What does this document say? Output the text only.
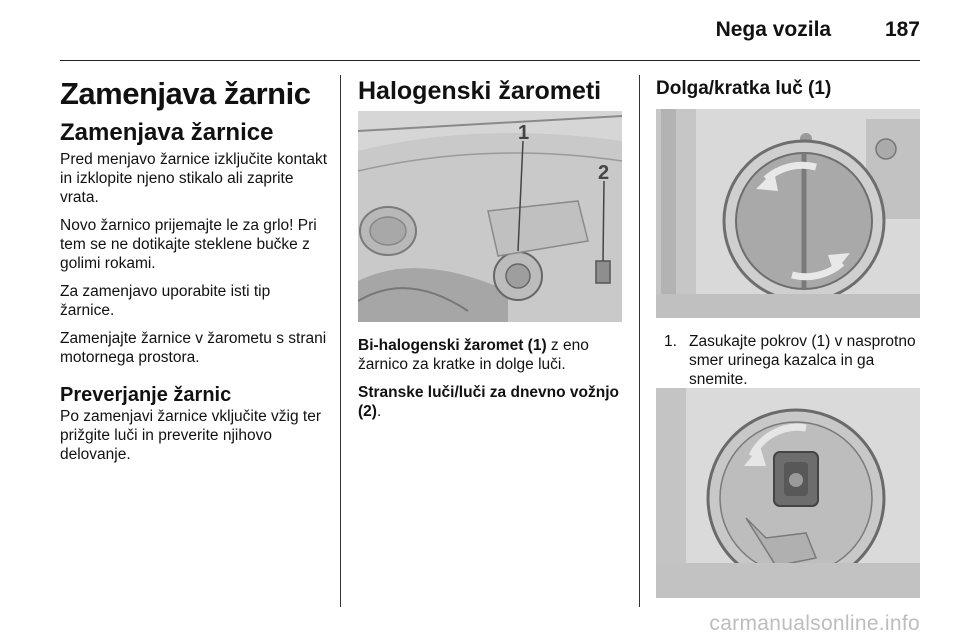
Nega vozila	187
Zamenjava žarnic
Zamenjava žarnice

Pred menjavo žarnice izključite kontakt in izklopite njeno stikalo ali zaprite vrata.

Novo žarnico prijemajte le za grlo! Pri tem se ne dotikajte steklene bučke z golimi rokami.

Za zamenjavo uporabite isti tip žarnice.

Zamenjajte žarnice v žarometu s strani motornega prostora.

Preverjanje žarnic

Po zamenjavi žarnice vključite vžig ter prižgite luči in preverite njihovo delovanje.

Halogenski žarometi
1
2

Bi-halogenski žaromet (1) z eno žarnico za kratke in dolge luči.

Stranske luči/luči za dnevno vožnjo (2).

Dolga/kratka luč (1)
1. Zasukajte pokrov (1) v nasprotno smer urinega kazalca in ga snemite.
carmanualsonline.info
